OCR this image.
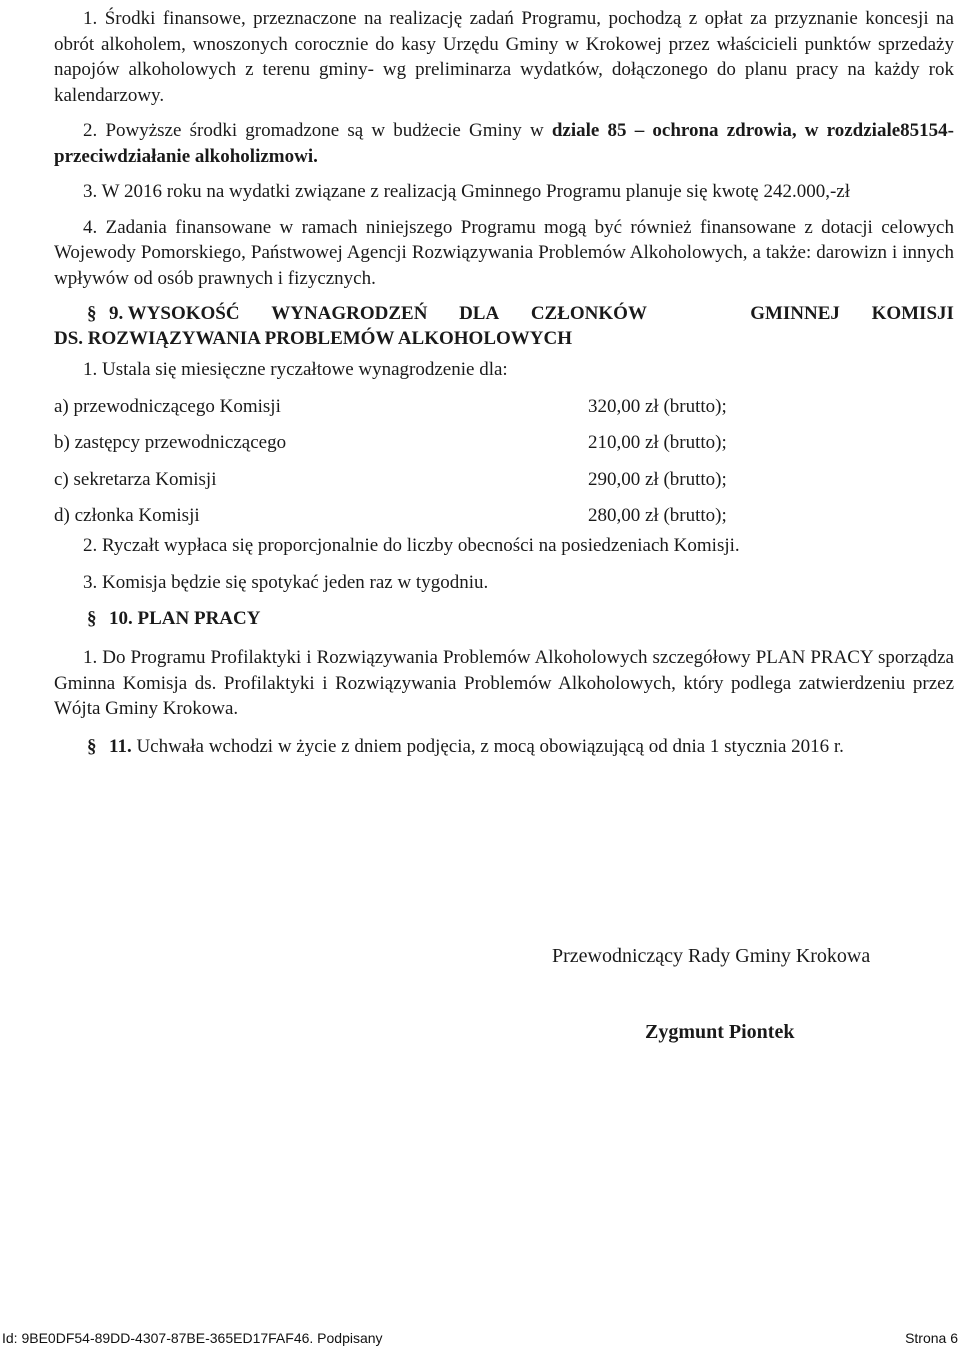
1. Środki finansowe, przeznaczone na realizację zadań Programu, pochodzą z opłat za przyznanie koncesji na obrót alkoholem, wnoszonych corocznie do kasy Urzędu Gminy w Krokowej przez właścicieli punktów sprzedaży napojów alkoholowych z terenu gminy- wg preliminarza wydatków, dołączonego do planu pracy na każdy rok kalendarzowy.

2. Powyższe środki gromadzone są w budżecie Gminy w dziale 85 – ochrona zdrowia, w rozdziale85154-przeciwdziałanie alkoholizmowi.

3. W 2016 roku na wydatki związane z realizacją Gminnego Programu planuje się kwotę 242.000,-zł

4. Zadania finansowane w ramach niniejszego Programu mogą być również finansowane z dotacji celowych Wojewody Pomorskiego, Państwowej Agencji Rozwiązywania Problemów Alkoholowych, a także: darowizn i innych wpływów od osób prawnych i fizycznych.

§ 9. WYSOKOŚĆ WYNAGRODZEŃ DLA CZŁONKÓW	GMINNEJ KOMISJI
DS. ROZWIĄZYWANIA PROBLEMÓW ALKOHOLOWYCH

1. Ustala się miesięczne ryczałtowe wynagrodzenie dla:

a) przewodniczącego Komisji	320,00 zł (brutto);
b) zastępcy przewodniczącego	210,00 zł (brutto);
c) sekretarza Komisji	290,00 zł (brutto);
d) członka Komisji	280,00 zł (brutto);

2. Ryczałt wypłaca się proporcjonalnie do liczby obecności na posiedzeniach Komisji.

3. Komisja będzie się spotykać jeden raz w tygodniu.

§ 10. PLAN PRACY

1. Do Programu Profilaktyki i Rozwiązywania Problemów Alkoholowych szczegółowy PLAN PRACY sporządza Gminna Komisja ds. Profilaktyki i Rozwiązywania Problemów Alkoholowych, który podlega zatwierdzeniu przez Wójta Gminy Krokowa.

§ 11. Uchwała wchodzi w życie z dniem podjęcia, z mocą obowiązującą od dnia 1 stycznia 2016 r.

Przewodniczący Rady Gminy Krokowa
Zygmunt Piontek
Id: 9BE0DF54-89DD-4307-87BE-365ED17FAF46. Podpisany	Strona 6
